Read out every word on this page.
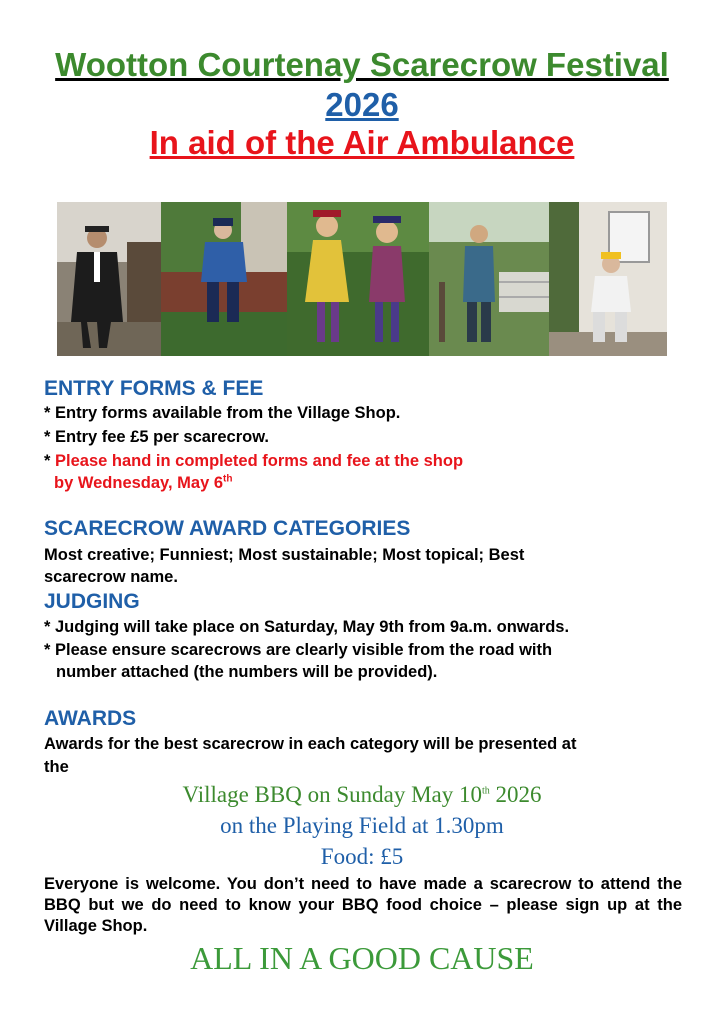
Wootton Courtenay Scarecrow Festival
2026
In aid of the Air Ambulance
ENTRY FORMS & FEE
* Entry forms available from the Village Shop.
* Entry fee £5 per scarecrow.
* Please hand in completed forms and fee at the shop
by Wednesday, May 6th
SCARECROW AWARD CATEGORIES
Most creative; Funniest; Most sustainable; Most topical; Best
scarecrow name.
JUDGING
* Judging will take place on Saturday, May 9th from 9a.m. onwards.
* Please ensure scarecrows are clearly visible from the road with
number attached (the numbers will be provided).
AWARDS
Awards for the best scarecrow in each category will be presented at
the
Village BBQ on Sunday May 10th 2026
on the Playing Field at 1.30pm
Food: £5
Everyone is welcome. You don’t need to have made a scarecrow to attend the BBQ but we do need to know your BBQ food choice – please sign up at the Village Shop.
ALL IN A GOOD CAUSE
